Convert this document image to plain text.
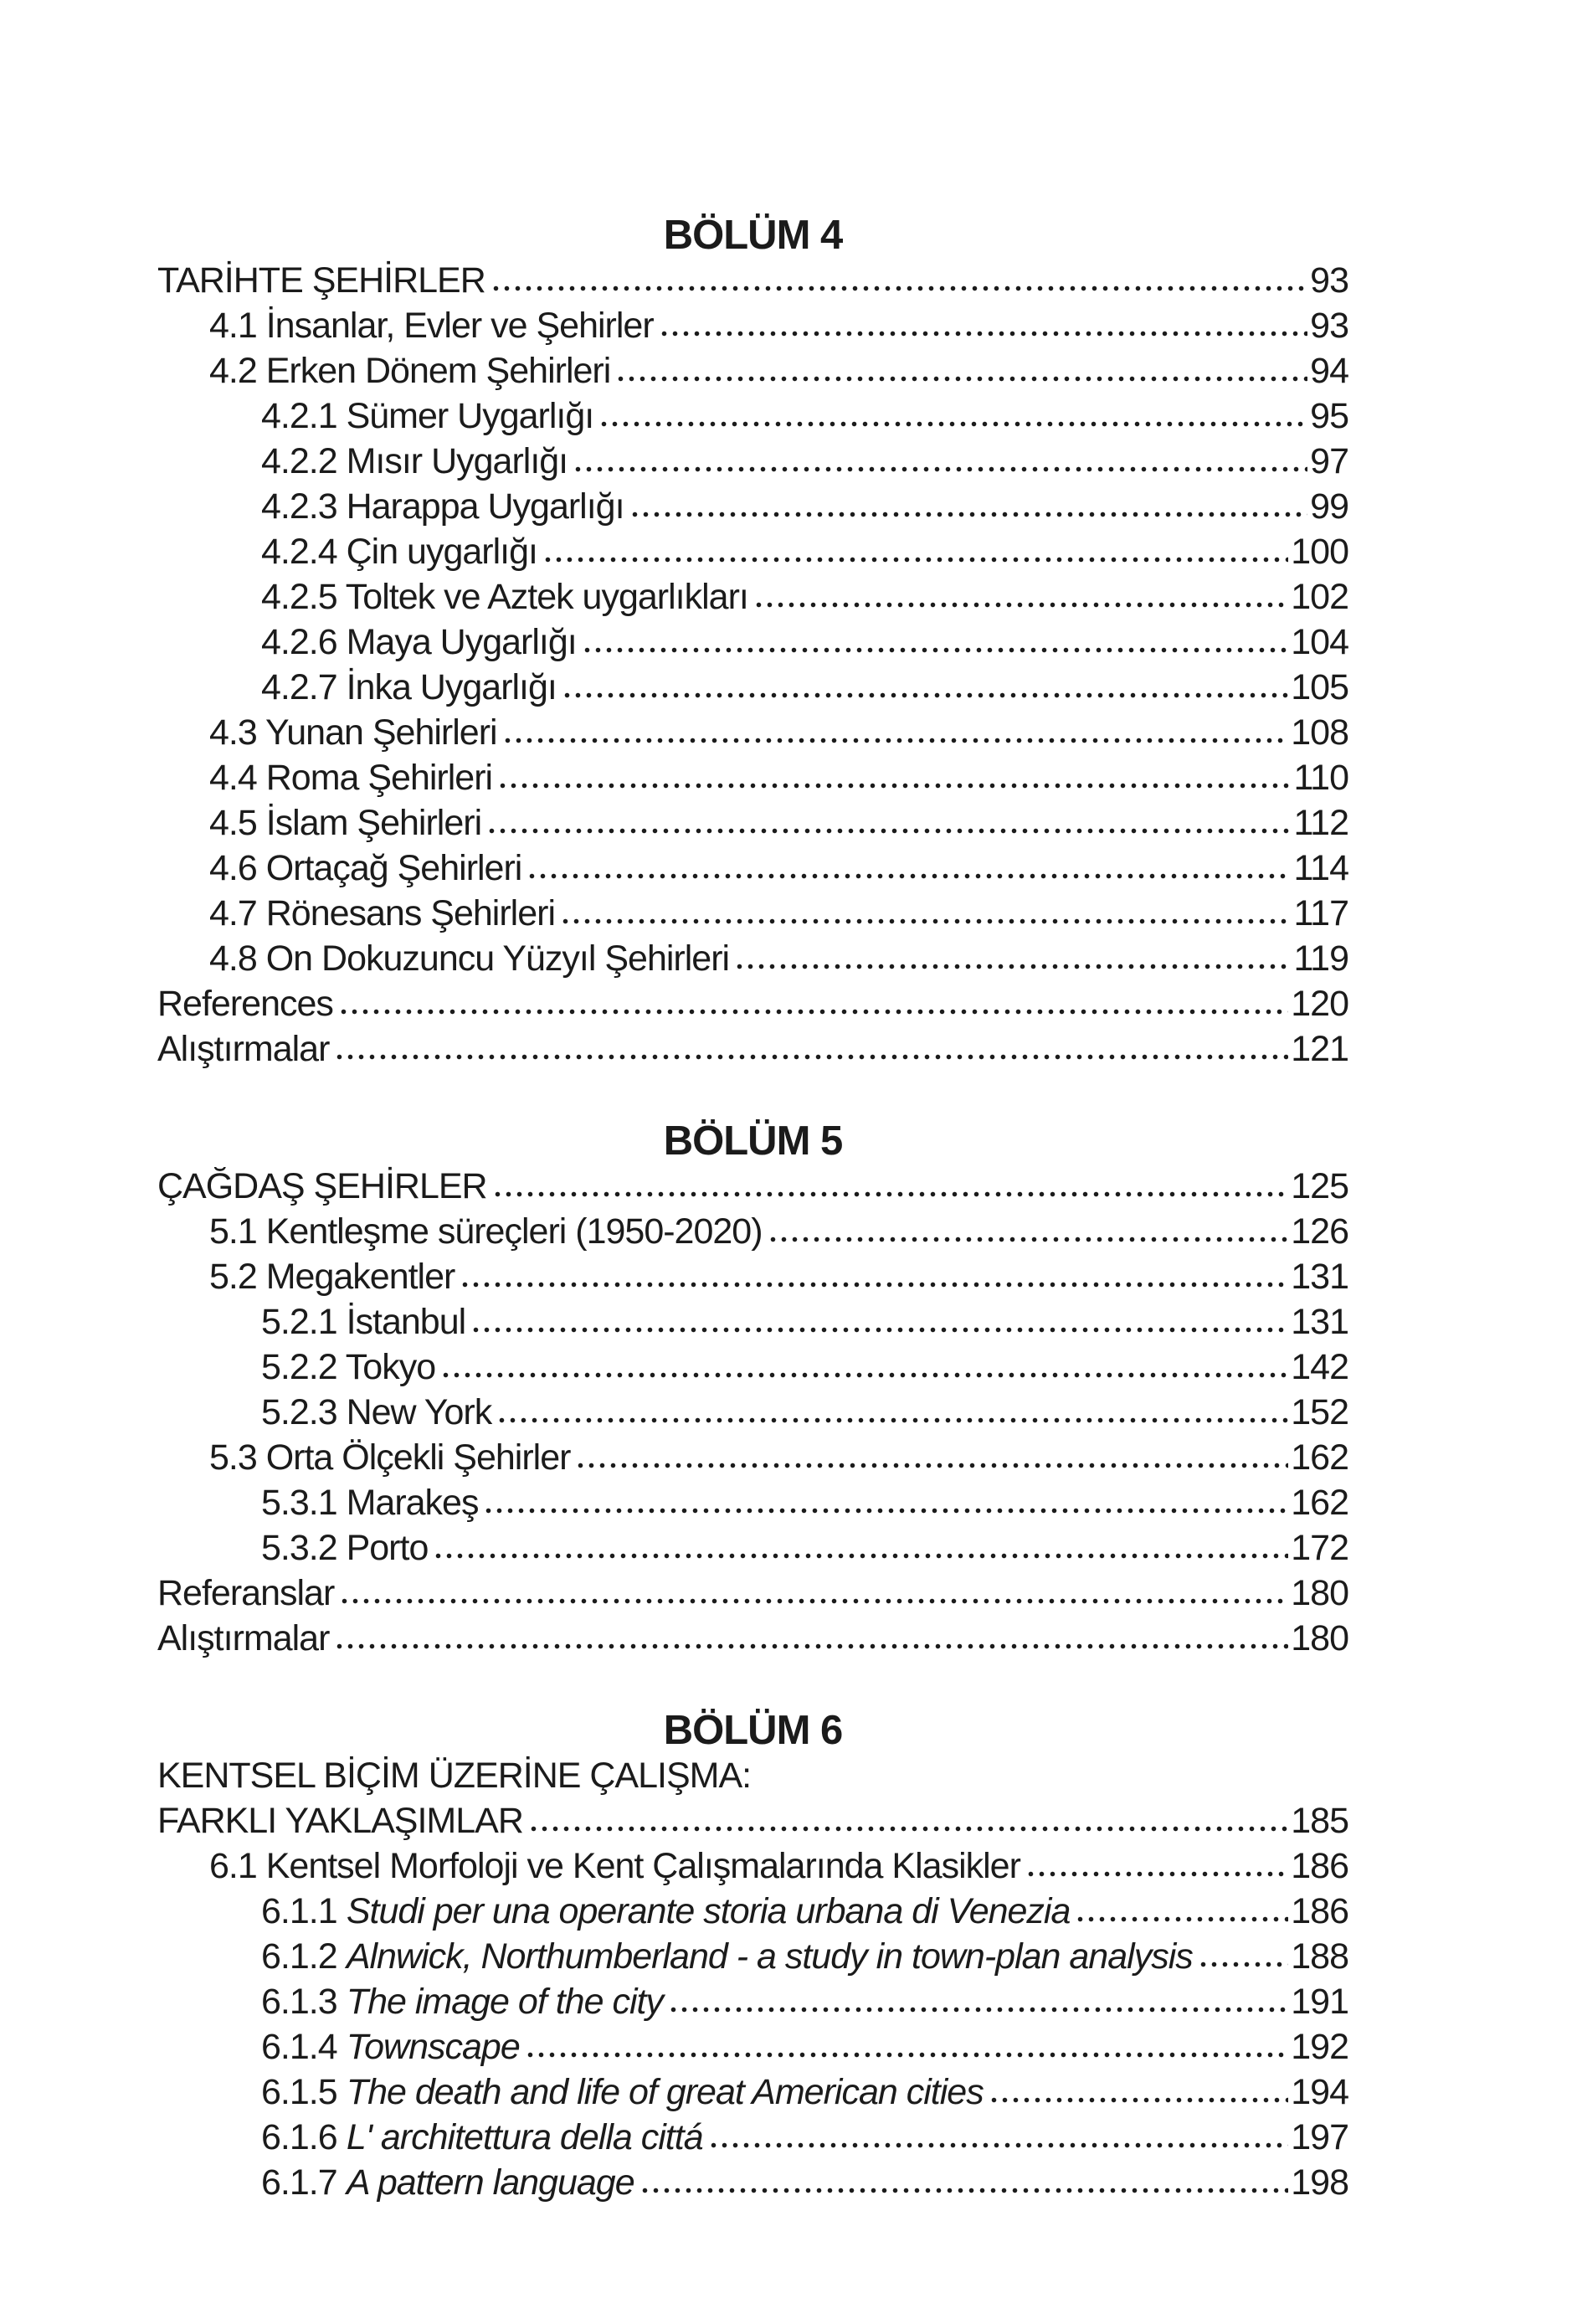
BÖLÜM 4
TARİHTE ŞEHİRLER	93
4.1 İnsanlar, Evler ve Şehirler	93
4.2 Erken Dönem Şehirleri	94
4.2.1 Sümer Uygarlığı	95
4.2.2 Mısır Uygarlığı	97
4.2.3 Harappa Uygarlığı	99
4.2.4 Çin uygarlığı	100
4.2.5 Toltek ve Aztek uygarlıkları	102
4.2.6 Maya Uygarlığı	104
4.2.7 İnka Uygarlığı	105
4.3 Yunan Şehirleri	108
4.4 Roma Şehirleri	110
4.5 İslam Şehirleri	112
4.6 Ortaçağ Şehirleri	114
4.7 Rönesans Şehirleri	117
4.8 On Dokuzuncu Yüzyıl Şehirleri	119
References	120
Alıştırmalar	121
BÖLÜM 5
ÇAĞDAŞ ŞEHİRLER	125
5.1 Kentleşme süreçleri (1950-2020)	126
5.2 Megakentler	131
5.2.1 İstanbul	131
5.2.2 Tokyo	142
5.2.3 New York	152
5.3 Orta Ölçekli Şehirler	162
5.3.1 Marakeş	162
5.3.2 Porto	172
Referanslar	180
Alıştırmalar	180
BÖLÜM 6
KENTSEL BİÇİM ÜZERİNE ÇALIŞMA:
FARKLI YAKLAŞIMLAR	185
6.1 Kentsel Morfoloji ve Kent Çalışmalarında Klasikler	186
6.1.1 Studi per una operante storia urbana di Venezia	186
6.1.2 Alnwick, Northumberland - a study in town-plan analysis	188
6.1.3 The image of the city	191
6.1.4 Townscape	192
6.1.5 The death and life of great American cities	194
6.1.6 L' architettura della cittá	197
6.1.7 A pattern language	198
